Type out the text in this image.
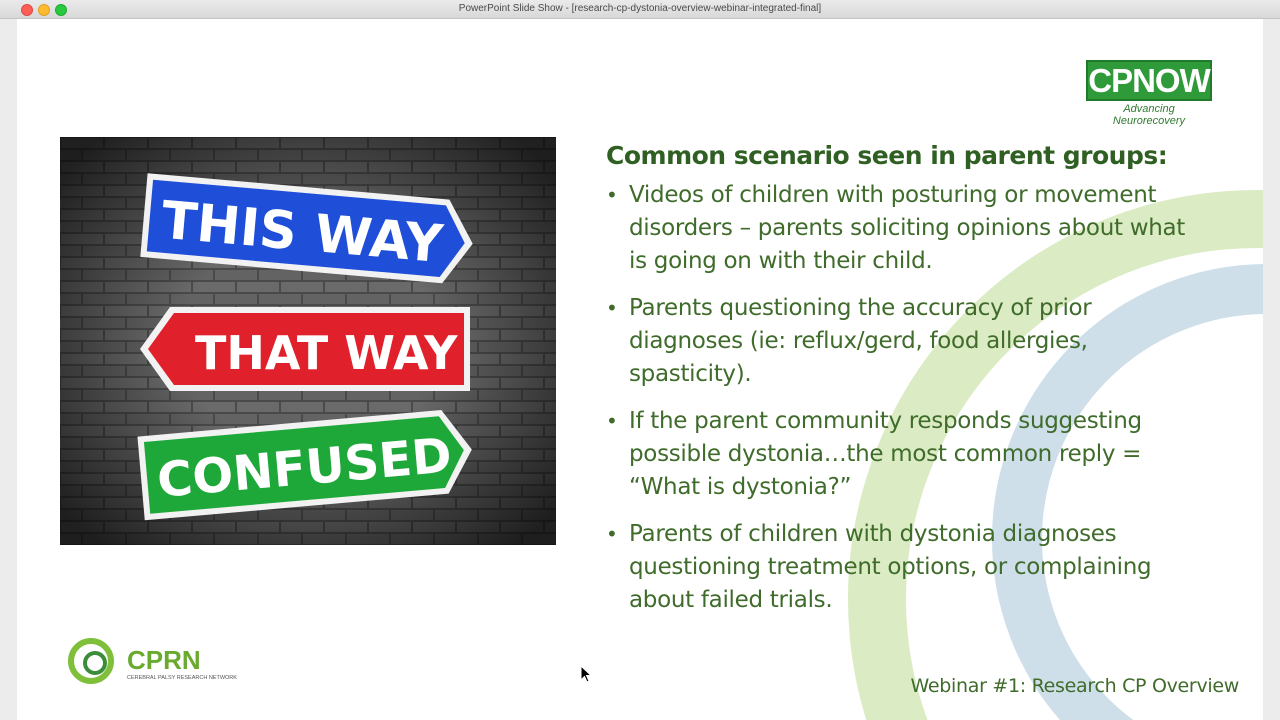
PowerPoint Slide Show - [research-cp-dystonia-overview-webinar-integrated-final]
CPNOW
Advancing Neurorecovery
THIS WAY
THAT WAY
CONFUSED
Common scenario seen in parent groups:
• Videos of children with posturing or movement disorders – parents soliciting opinions about what is going on with their child.
• Parents questioning the accuracy of prior diagnoses (ie: reflux/gerd, food allergies, spasticity).
• If the parent community responds suggesting possible dystonia…the most common reply = “What is dystonia?”
• Parents of children with dystonia diagnoses questioning treatment options, or complaining about failed trials.
CPRN
CEREBRAL PALSY RESEARCH NETWORK	Webinar #1: Research CP Overview
